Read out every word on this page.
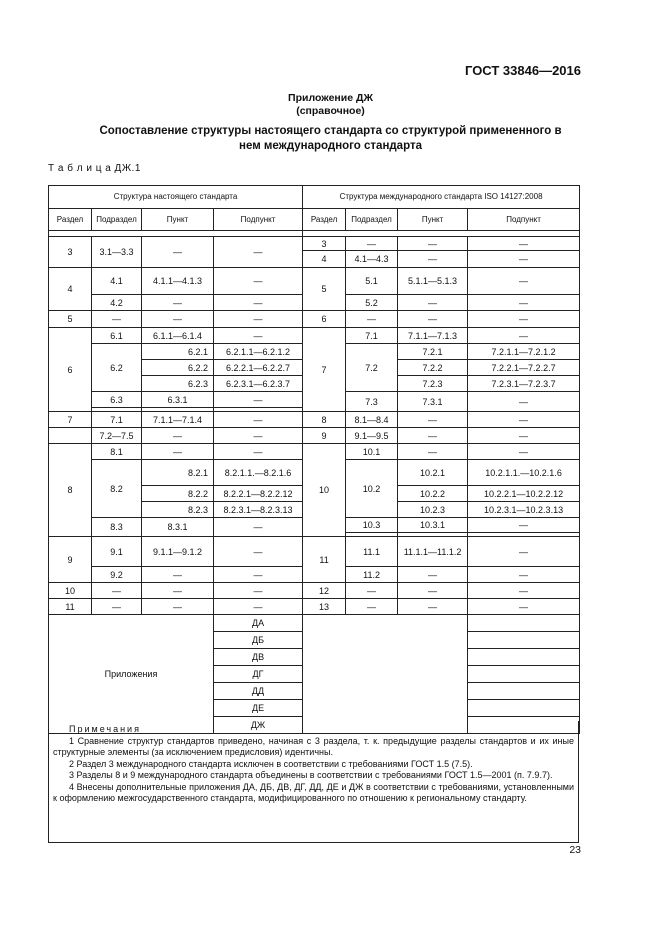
ГОСТ 33846—2016
Приложение ДЖ
(справочное)
Сопоставление структуры настоящего стандарта со структурой примененного в нем международного стандарта
Т а б л и ц а ДЖ.1
Структура настоящего стандарта				Структура международного стандарта ISO 14127:2008			
Раздел	Подраздел	Пункт	Подпункт	Раздел	Подраздел	Пункт	Подпункт

3	3.1—3.3	—	—	3	—	—	—
				4	4.1—4.3	—	—
4	4.1	4.1.1—4.1.3	—	5	5.1	5.1.1—5.1.3	—
	4.2	—	—		5.2	—	—
5	—	—	—	6	—	—	—
6	6.1	6.1.1—6.1.4	—	7	7.1	7.1.1—7.1.3	—
	6.2	6.2.1	6.2.1.1—6.2.1.2		7.2	7.2.1	7.2.1.1—7.2.1.2
		6.2.2	6.2.2.1—6.2.2.7			7.2.2	7.2.2.1—7.2.2.7
		6.2.3	6.2.3.1—6.2.3.7			7.2.3	7.2.3.1—7.2.3.7
	6.3	6.3.1	—		7.3	7.3.1	—

7	7.1	7.1.1—7.1.4	—	8	8.1—8.4	—	—
	7.2—7.5	—	—	9	9.1—9.5	—	—
8	8.1	—	—	10	10.1	—	—
	8.2	8.2.1	8.2.1.1.—8.2.1.6		10.2	10.2.1	10.2.1.1.—10.2.1.6
		8.2.2	8.2.2.1—8.2.2.12			10.2.2	10.2.2.1—10.2.2.12
		8.2.3	8.2.3.1—8.2.3.13			10.2.3	10.2.3.1—10.2.3.13
	8.3	8.3.1	—		10.3	10.3.1	—

9	9.1	9.1.1—9.1.2	—	11	11.1	11.1.1—11.1.2	—
	9.2	—	—		11.2	—	—
10	—	—	—	12	—	—	—
11	—	—	—	13	—	—	—
Приложения			ДА				
			ДБ				
			ДВ				
			ДГ				
			ДД				
			ДЕ				
			ДЖ				
Примечания

1 Сравнение структур стандартов приведено, начиная с 3 раздела, т. к. предыдущие разделы стандартов и их иные структурные элементы (за исключением предисловия) идентичны.

2 Раздел 3 международного стандарта исключен в соответствии с требованиями ГОСТ 1.5 (7.5).

3 Разделы 8 и 9 международного стандарта объединены в соответствии с требованиями ГОСТ 1.5—2001 (п. 7.9.7).

4 Внесены дополнительные приложения ДА, ДБ, ДВ, ДГ, ДД, ДЕ и ДЖ в соответствии с требованиями, установленными к оформлению межгосударственного стандарта, модифицированного по отношению к региональному стандарту.

23
